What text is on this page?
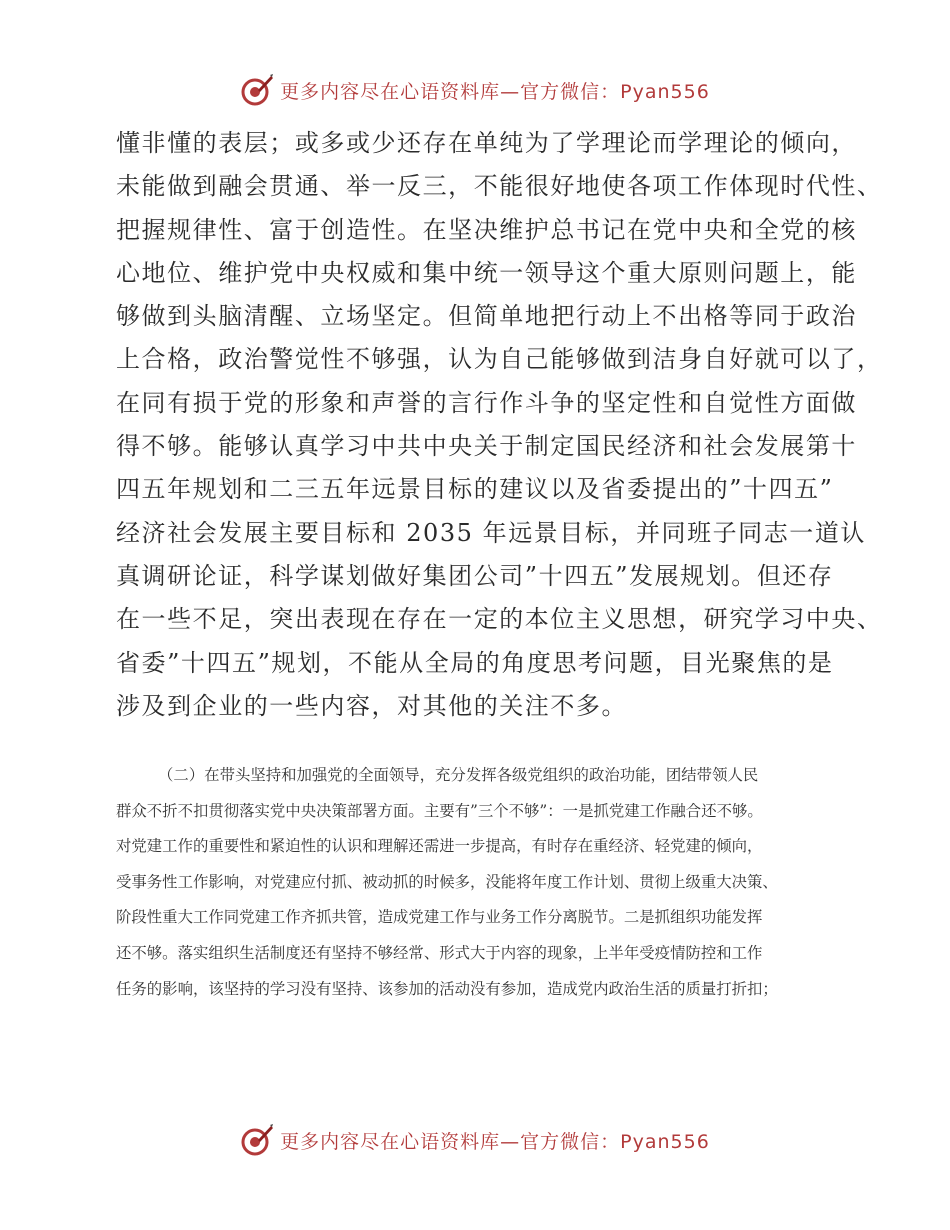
更多内容尽在心语资料库—官方微信：Pyan556
懂非懂的表层；或多或少还存在单纯为了学理论而学理论的倾向，
未能做到融会贯通、举一反三，不能很好地使各项工作体现时代性、
把握规律性、富于创造性。在坚决维护总书记在党中央和全党的核
心地位、维护党中央权威和集中统一领导这个重大原则问题上，能
够做到头脑清醒、立场坚定。但简单地把行动上不出格等同于政治
上合格，政治警觉性不够强，认为自己能够做到洁身自好就可以了，
在同有损于党的形象和声誉的言行作斗争的坚定性和自觉性方面做
得不够。能够认真学习中共中央关于制定国民经济和社会发展第十
四五年规划和二三五年远景目标的建议以及省委提出的”十四五”
经济社会发展主要目标和 2035 年远景目标，并同班子同志一道认
真调研论证，科学谋划做好集团公司”十四五”发展规划。但还存
在一些不足，突出表现在存在一定的本位主义思想，研究学习中央、
省委”十四五”规划，不能从全局的角度思考问题，目光聚焦的是
涉及到企业的一些内容，对其他的关注不多。
（二）在带头坚持和加强党的全面领导，充分发挥各级党组织的政治功能，团结带领人民
群众不折不扣贯彻落实党中央决策部署方面。主要有”三个不够”：一是抓党建工作融合还不够。
对党建工作的重要性和紧迫性的认识和理解还需进一步提高，有时存在重经济、轻党建的倾向，
受事务性工作影响，对党建应付抓、被动抓的时候多，没能将年度工作计划、贯彻上级重大决策、
阶段性重大工作同党建工作齐抓共管，造成党建工作与业务工作分离脱节。二是抓组织功能发挥
还不够。落实组织生活制度还有坚持不够经常、形式大于内容的现象，上半年受疫情防控和工作
任务的影响，该坚持的学习没有坚持、该参加的活动没有参加，造成党内政治生活的质量打折扣；
更多内容尽在心语资料库—官方微信：Pyan556
